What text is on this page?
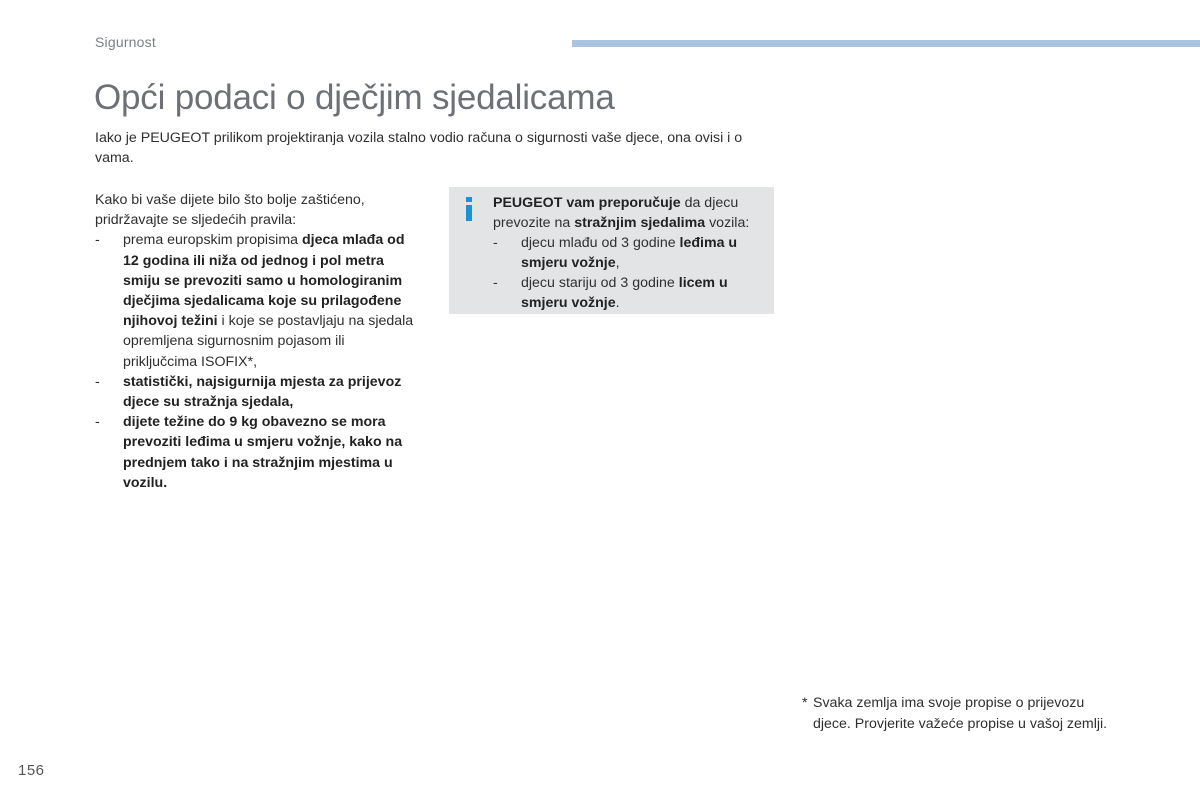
Sigurnost
Opći podaci o dječjim sjedalicama

Iako je PEUGEOT prilikom projektiranja vozila stalno vodio računa o sigurnosti vaše djece, ona ovisi i o vama.

Kako bi vaše dijete bilo što bolje zaštićeno, pridržavajte se sljedećih pravila:

- prema europskim propisima djeca mlađa od 12 godina ili niža od jednog i pol metra smiju se prevoziti samo u homologiranim dječjima sjedalicama koje su prilagođene njihovoj težini i koje se postavljaju na sjedala opremljena sigurnosnim pojasom ili priključcima ISOFIX*,
- statistički, najsigurnija mjesta za prijevoz djece su stražnja sjedala,
- dijete težine do 9 kg obavezno se mora prevoziti leđima u smjeru vožnje, kako na prednjem tako i na stražnjim mjestima u vozilu.

PEUGEOT vam preporučuje da djecu prevozite na stražnjim sjedalima vozila:

- djecu mlađu od 3 godine leđima u smjeru vožnje,
- djecu stariju od 3 godine licem u smjeru vožnje.
* Svaka zemlja ima svoje propise o prijevozu djece. Provjerite važeće propise u vašoj zemlji.
156
